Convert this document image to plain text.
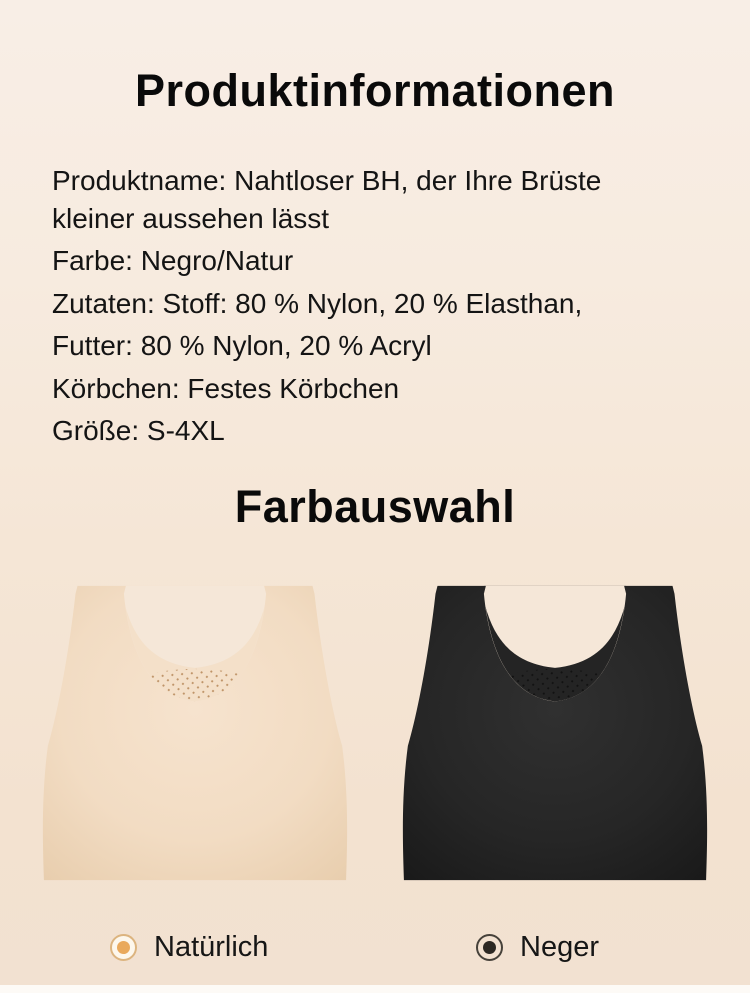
Produktinformationen

Produktname: Nahtloser BH, der Ihre Brüste kleiner aussehen lässt

Farbe: Negro/Natur

Zutaten: Stoff: 80 % Nylon, 20 % Elasthan,

Futter: 80 % Nylon, 20 % Acryl

Körbchen: Festes Körbchen

Größe: S-4XL

Farbauswahl
Natürlich	Neger
